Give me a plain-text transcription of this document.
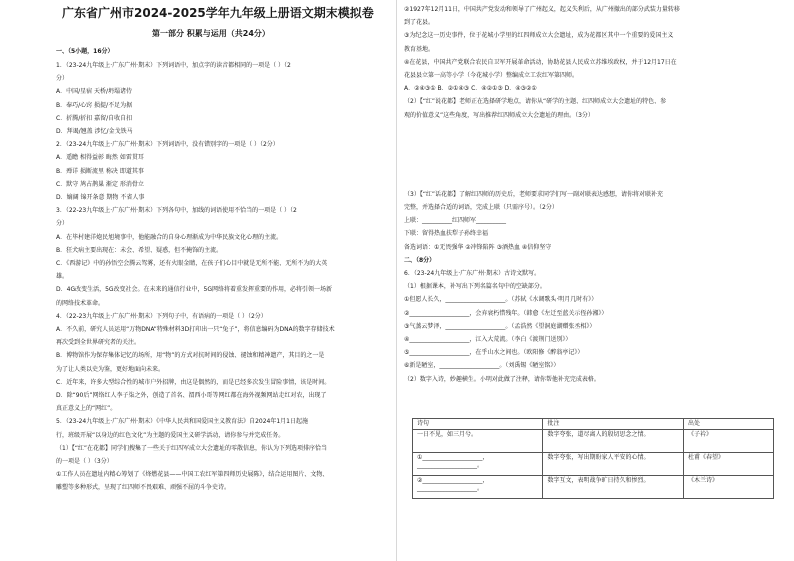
广东省广州市2024-2025学年九年级上册语文期末模拟卷
第一部分 积累与运用（共24分）
一、（5小题，16分）
1．（23-24九年级上·广东广州·期末）下列词语中，加点字的读音都相同的一项是（ ）（2
分）
A．中国/星宿 天桥/坍塌诸侍
B．奉巧/心窍 损提/不足为据
C．折腾/折扣 嘉留/自收自扣
D．拜谒/翘盖 涉忆/金戈铁马
2．（23-24九年级上·广东广州·期末）下列词语中，没有错别字的一项是（ ）（2分）
A．遥瞻 相得益彰 晦然 如雷贯耳
B．殚详 损断流里 称决 即道其事
C．默守 鸠占鹊巢 渐定 形消骨立
D．嫡阔 锦开条意 期物 不省人事
3．（22-23九年级上·广东广州·期末）下列各句中，加线的词语使用不恰当的一项是（ ）（2
分）
A．在毕村建洋炮民旭境事中，他能融合的自身心理渐成为中华民族文化心理的主流。
B．狂犬病主要出现在：未会、希望、疑惑，但不掩饰的主流。
C．《西游记》中的孙悟空会腾云驾雾，还有火眼金睛，在孩子们心目中就是无所不能、无所不为的大英
雄。
D．4G改变生活，5G改变社会。在未来的通信行业中，5G网络将着重发挥重要的作用，必将引领一场新
的网络技术革命。
4．（22-23九年级上·广东广州·期末）下列句子中，有语病的一项是（ ）（2分）
A．不久前，研究人员运用“万物DNA”特殊材料3D打印出一只“兔子”，将信息编码为DNA的数字存储技术
再次受到全世界研究者的关注。
B．博物馆作为保存集体记忆的场所，用“物”的方式对抗时间的侵蚀、褪蚀和精神遗产，其目的之一是
为了让人类以史为鉴，更好地面向未来。
C．近年来，许多大型综合性的城市户外招牌，由这是偶然的，而是已经多次发生冒险事情，该是时间。
D．除“90后”网络红人李子柒之外，创造了首名、渭西小哥等网红都在海外视频网站走红对农，出现了
真正意义上的“网红”。
5．（23-24九年级上·广东广州·期末）《中华人民共和国爱国主义教育法》自2024年1月1日起施
行，班级开展“以身边的红色文化”为主题的爱国主义研学活动，请你参与并完成任务。
（1）【“红”在花都】同学们搜集了一些关于红四军成立大会遗址的零散信息，你认为下列选项排序恰当
的一项是（ ）（3分）
①工作人员在遗址内精心筹划了《烽燃花县——中国工农红军第四师历史展陈》，结合运用图片、文物、
雕塑等多种形式，呈现了红四师不畏艰难、顽强不屈的斗争史诗。
②1927年12月11日，中国共产党发动和领导了广州起义，起义失利后，从广州撤出的部分武装力量转移
到了花县。
③为纪念这一历史事件，位于花城小学里的红四师成立大会遗址，成为花都区其中一个重要的爱国主义
教育基地。
④在花县，中国共产党联合农民自卫军开展革命活动，协助花县人民成立苏维埃政权，并于12月17日在
花县县立第一高等小学（今花城小学）整编成立工农红军第四师。
A．②④③① B．②①④③ C．④②①③ D．④③②①
（2）【“红”说花都】老师正在选择研学地点，请你从“研学的主题、红四师成立大会遗址的特色、参
观的价值意义”这些角度，写出推荐红四师成立大会遗址的理由。（3分）
（3）【“红”话花都】了解红四师的历史后，老师要求同学们写一副对联表达感想，请你将对联补充
完整，并选择合适的词语，完成上联（只需序号）。（2分）
上联：__________红四师军__________
下联：留得热血扶犁子孙终幸福
备选词语：①无畏强华 ②冲锋陷阵 ③酒热血 ④信仰坚守
二、（8分）
6．（23-24九年级上·广东广州·期末）古诗文默写。
（1）根据课本，补写出下列名篇名句中的空缺部分。
①但愿人长久，____________________。（苏轼《水调歌头·明月几时有》）
②____________________，会弃衰朽惜残年。（韩愈《左迁至蓝关示侄孙湘》）
③气蒸云梦泽，____________________。（孟浩然《望洞庭湖赠张丞相》）
④____________________，江入大荒流。（李白《渡荆门送别》）
⑤____________________，在乎山水之间也。（欧阳修《醉翁亭记》）
⑥新是陋室，____________________。（刘禹锡《陋室铭》）
（2）数字入诗，妙趣横生。小明对此做了注释，请你帮他补充完成表格。
诗句	批注	出处
一日不见，如三月兮。	数字夸张，道尽离人的殷切思念之情。	《子衿》
①____________________，____________________。	数字夸张，写出期盼家人平安的心情。	杜甫《春望》
②____________________，____________________。	数字互文，表明战争旷日持久和惨烈。	《木兰诗》
